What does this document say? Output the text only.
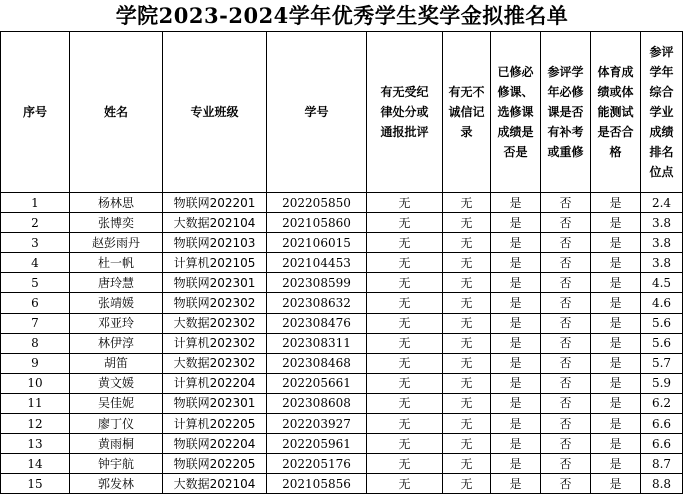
学院2023-2024学年优秀学生奖学金拟推名单
序号	姓名	专业班级	学号	有无受纪律处分或通报批评	有无不诚信记录	已修必修课、选修课成绩是否是	参评学年必修课是否有补考或重修	体育成绩或体能测试是否合格	参评学年综合学业成绩排名位点
1	杨林思	物联网202201	202205850	无	无	是	否	是	2.4
2	张博奕	大数据202104	202105860	无	无	是	否	是	3.8
3	赵彭雨丹	物联网202103	202106015	无	无	是	否	是	3.8
4	杜一帆	计算机202105	202104453	无	无	是	否	是	3.8
5	唐玲慧	物联网202301	202308599	无	无	是	否	是	4.5
6	张靖媛	物联网202302	202308632	无	无	是	否	是	4.6
7	邓亚玲	大数据202302	202308476	无	无	是	否	是	5.6
8	林伊淳	计算机202302	202308311	无	无	是	否	是	5.6
9	胡笛	大数据202302	202308468	无	无	是	否	是	5.7
10	黄文媛	计算机202204	202205661	无	无	是	否	是	5.9
11	吴佳妮	物联网202301	202308608	无	无	是	否	是	6.2
12	廖丁仪	计算机202205	202203927	无	无	是	否	是	6.6
13	黄雨桐	物联网202204	202205961	无	无	是	否	是	6.6
14	钟宇航	物联网202205	202205176	无	无	是	否	是	8.7
15	郭发林	大数据202104	202105856	无	无	是	否	是	8.8
